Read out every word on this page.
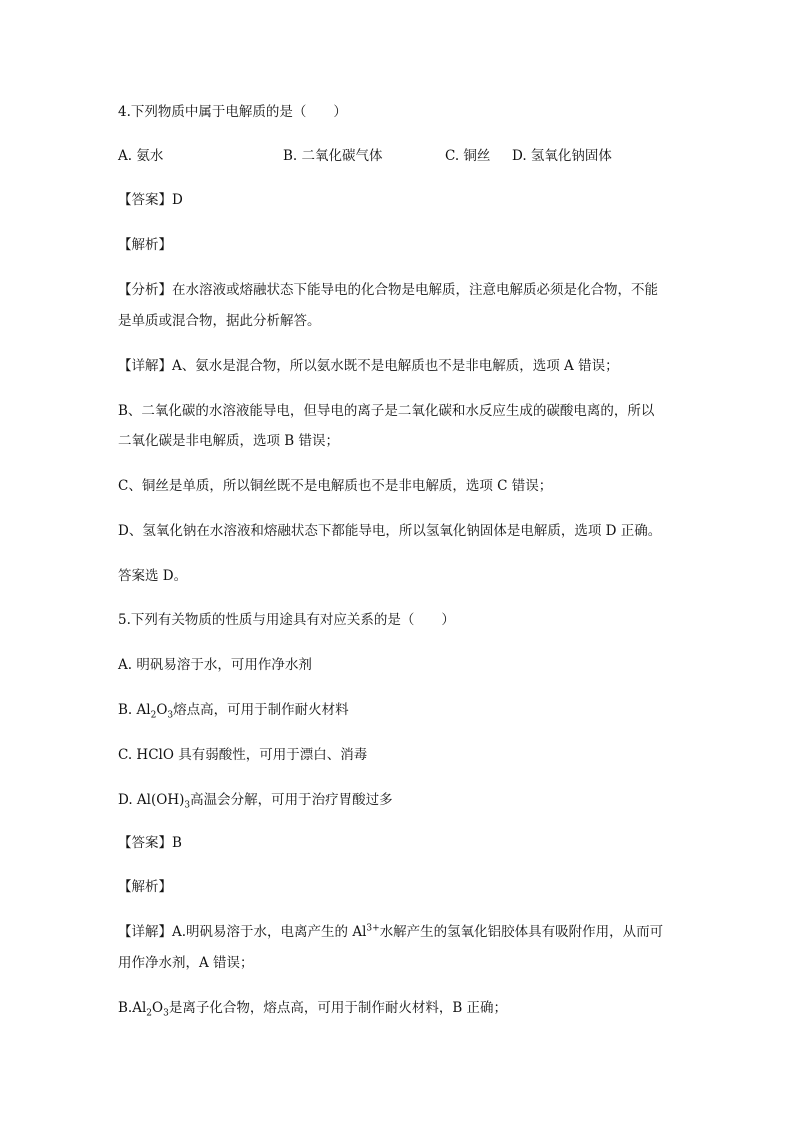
4.下列物质中属于电解质的是（　　）
A. 氨水	B. 二氧化碳气体	C. 铜丝 D. 氢氧化钠固体
【答案】D
【解析】
【分析】在水溶液或熔融状态下能导电的化合物是电解质，注意电解质必须是化合物，不能
是单质或混合物，据此分析解答。
【详解】A、氨水是混合物，所以氨水既不是电解质也不是非电解质，选项 A 错误；
B、二氧化碳的水溶液能导电，但导电的离子是二氧化碳和水反应生成的碳酸电离的，所以
二氧化碳是非电解质，选项 B 错误；
C、铜丝是单质，所以铜丝既不是电解质也不是非电解质，选项 C 错误；
D、氢氧化钠在水溶液和熔融状态下都能导电，所以氢氧化钠固体是电解质，选项 D 正确。
答案选 D。
5.下列有关物质的性质与用途具有对应关系的是（　　）
A. 明矾易溶于水，可用作净水剂
B. $Al_2O_3$熔点高，可用于制作耐火材料
C. HClO 具有弱酸性，可用于漂白、消毒
D. $Al(OH)_3$高温会分解，可用于治疗胃酸过多
【答案】B
【解析】
【详解】A.明矾易溶于水，电离产生的 $Al^{3+}$水解产生的氢氧化铝胶体具有吸附作用，从而可
用作净水剂，A 错误；
$B.Al_2O_3$是离子化合物，熔点高，可用于制作耐火材料，B 正确；
